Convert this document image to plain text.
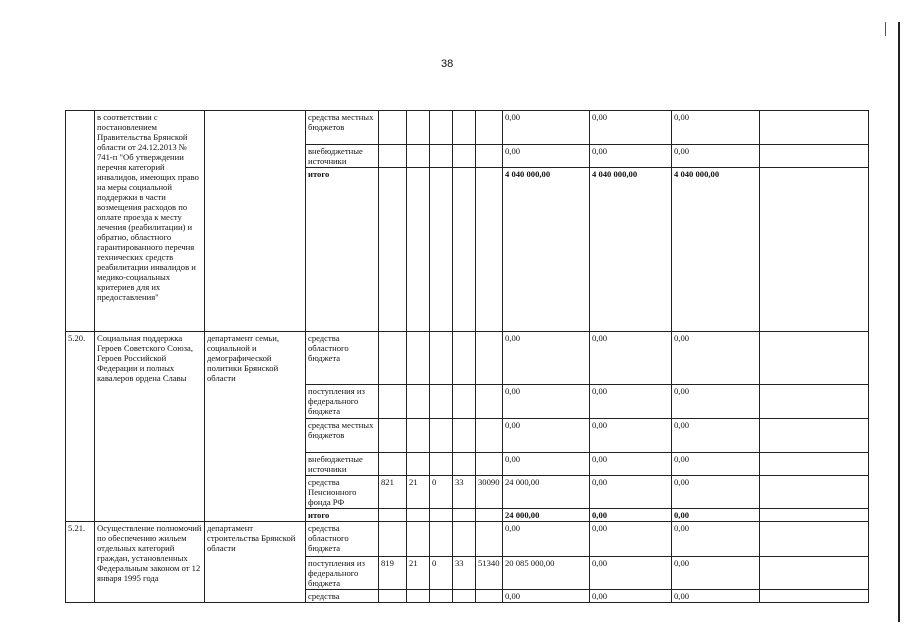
38
	в соответствии с постановлением Правительства Брянской области от 24.12.2013 № 741-п "Об утверждении перечня категорий инвалидов, имеющих право на меры социальной поддержки в части возмещения расходов по оплате проезда к месту лечения (реабилитации) и обратно, областного гарантированного перечня технических средств реабилитации инвалидов и медико-социальных критериев для их предоставления"		средства местных бюджетов						0,00	0,00	0,00	
			внебюджетные источники						0,00	0,00	0,00	
			итого						4 040 000,00	4 040 000,00	4 040 000,00	
5.20.	Социальная поддержка Героев Советского Союза, Героев Российской Федерации и полных кавалеров ордена Славы	департамент семьи, социальной и демографической политики Брянской области	средства областного бюджета						0,00	0,00	0,00	
			поступления из федерального бюджета						0,00	0,00	0,00	
			средства местных бюджетов						0,00	0,00	0,00	
			внебюджетные источники						0,00	0,00	0,00	
			средства Пенсионного фонда РФ	821	21	0	33	30090	24 000,00	0,00	0,00	
			итого						24 000,00	0,00	0,00	
5.21.	Осуществление полномочий по обеспечению жильем отдельных категорий граждан, установленных Федеральным законом от 12 января 1995 года	департамент строительства Брянской области	средства областного бюджета						0,00	0,00	0,00	
			поступления из федерального бюджета	819	21	0	33	51340	20 085 000,00	0,00	0,00	
			средства						0,00	0,00	0,00	
